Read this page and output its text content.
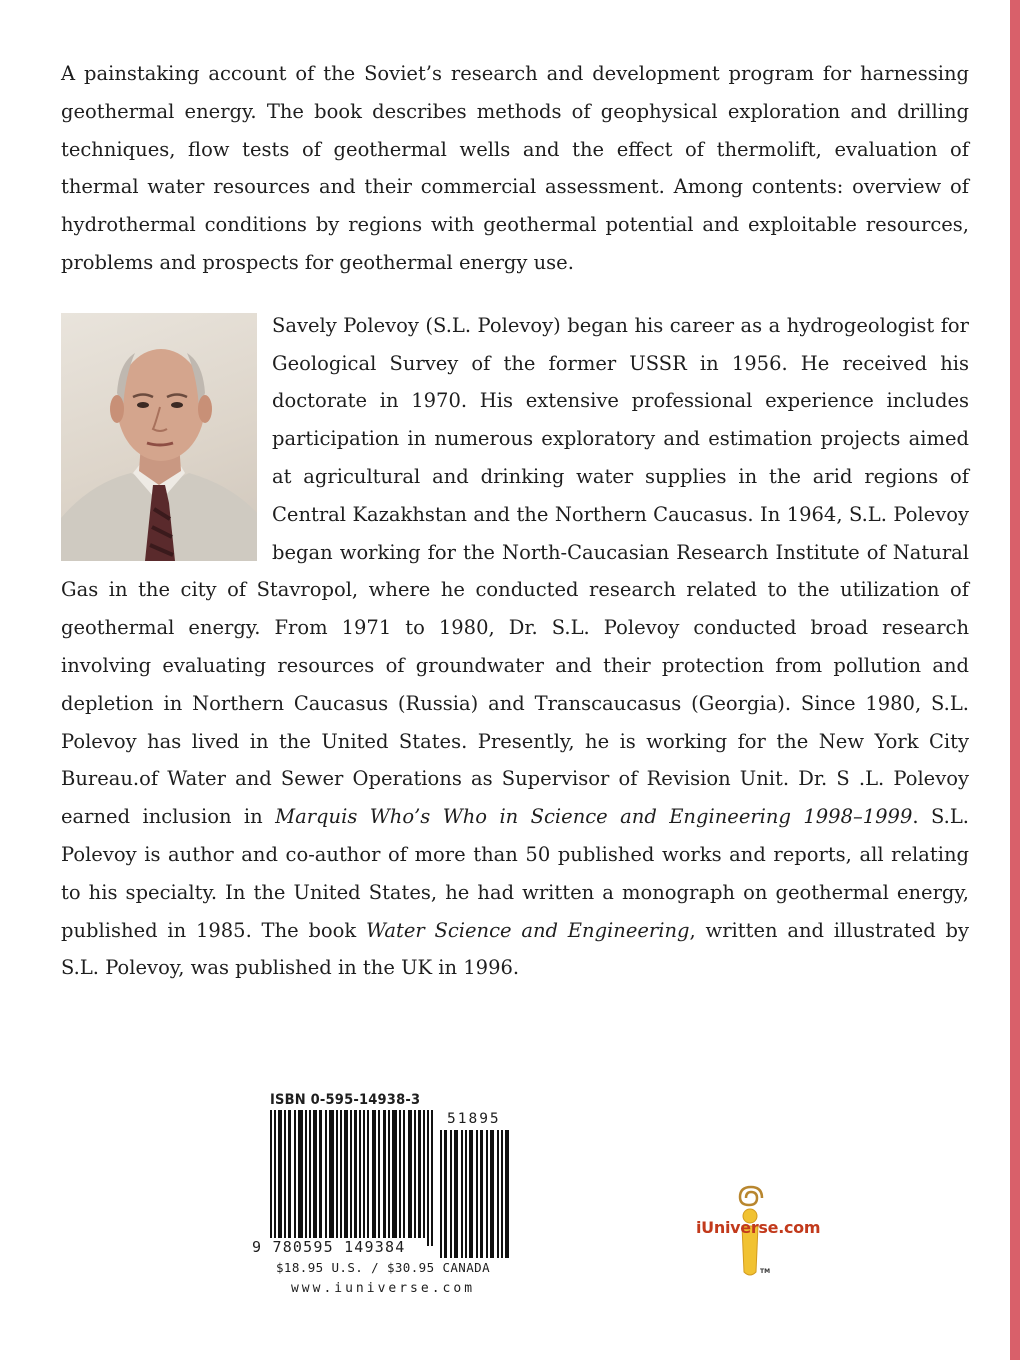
A painstaking account of the Soviet’s research and development program for harnessing geothermal energy. The book describes methods of geophysical exploration and drilling techniques, flow tests of geothermal wells and the effect of thermolift, evaluation of thermal water resources and their commercial assessment. Among contents: overview of hydrothermal conditions by regions with geothermal potential and exploitable resources, problems and prospects for geothermal energy use.

Savely Polevoy (S.L. Polevoy) began his career as a hydrogeologist for Geological Survey of the former USSR in 1956. He received his doctorate in 1970. His extensive professional experience includes participation in numerous exploratory and estimation projects aimed at agricultural and drinking water supplies in the arid regions of Central Kazakhstan and the Northern Caucasus. In 1964, S.L. Polevoy began working for the North-Caucasian Research Institute of Natural Gas in the city of Stavropol, where he conducted research related to the utilization of geothermal energy. From 1971 to 1980, Dr. S.L. Polevoy conducted broad research involving evaluating resources of groundwater and their protection from pollution and depletion in Northern Caucasus (Russia) and Transcaucasus (Georgia). Since 1980, S.L. Polevoy has lived in the United States. Presently, he is working for the New York City Bureau.of Water and Sewer Operations as Supervisor of Revision Unit. Dr. S .L. Polevoy earned inclusion in Marquis Who’s Who in Science and Engineering 1998–1999. S.L. Polevoy is author and co-author of more than 50 published works and reports, all relating to his specialty. In the United States, he had written a monograph on geothermal energy, published in 1985. The book Water Science and Engineering, written and illustrated by S.L. Polevoy, was published in the UK in 1996.

ISBN 0-595-14938-3
9 780595 149384
51895
$18.95 U.S. / $30.95 CANADA
www.iuniverse.com
iUniverse.com
TM
